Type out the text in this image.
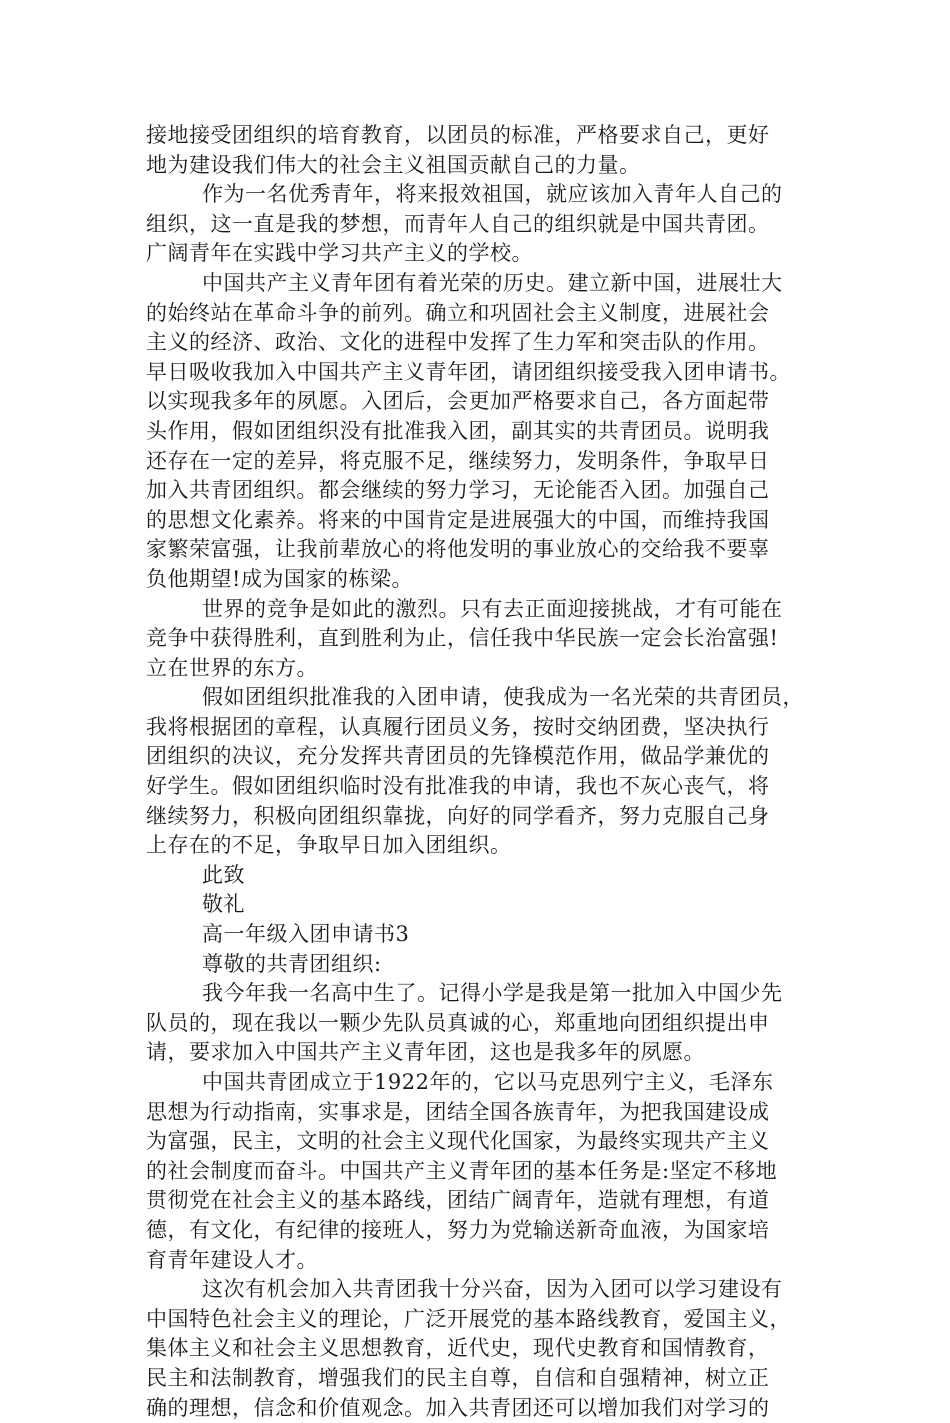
接地接受团组织的培育教育，以团员的标准，严格要求自己，更好
地为建设我们伟大的社会主义祖国贡献自己的力量。
作为一名优秀青年，将来报效祖国，就应该加入青年人自己的
组织，这一直是我的梦想，而青年人自己的组织就是中国共青团。
广阔青年在实践中学习共产主义的学校。
中国共产主义青年团有着光荣的历史。建立新中国，进展壮大
的始终站在革命斗争的前列。确立和巩固社会主义制度，进展社会
主义的经济、政治、文化的进程中发挥了生力军和突击队的作用。
早日吸收我加入中国共产主义青年团，请团组织接受我入团申请书。
以实现我多年的夙愿。入团后，会更加严格要求自己，各方面起带
头作用，假如团组织没有批准我入团，副其实的共青团员。说明我
还存在一定的差异，将克服不足，继续努力，发明条件，争取早日
加入共青团组织。都会继续的努力学习，无论能否入团。加强自己
的思想文化素养。将来的中国肯定是进展强大的中国，而维持我国
家繁荣富强，让我前辈放心的将他发明的事业放心的交给我不要辜
负他期望!成为国家的栋梁。
世界的竞争是如此的激烈。只有去正面迎接挑战，才有可能在
竞争中获得胜利，直到胜利为止，信任我中华民族一定会长治富强!
立在世界的东方。
假如团组织批准我的入团申请，使我成为一名光荣的共青团员，
我将根据团的章程，认真履行团员义务，按时交纳团费，坚决执行
团组织的决议，充分发挥共青团员的先锋模范作用，做品学兼优的
好学生。假如团组织临时没有批准我的申请，我也不灰心丧气，将
继续努力，积极向团组织靠拢，向好的同学看齐，努力克服自己身
上存在的不足，争取早日加入团组织。
此致
敬礼
高一年级入团申请书3
尊敬的共青团组织:
我今年我一名高中生了。记得小学是我是第一批加入中国少先
队员的，现在我以一颗少先队员真诚的心，郑重地向团组织提出申
请，要求加入中国共产主义青年团，这也是我多年的夙愿。
中国共青团成立于1922年的，它以马克思列宁主义，毛泽东
思想为行动指南，实事求是，团结全国各族青年，为把我国建设成
为富强，民主，文明的社会主义现代化国家，为最终实现共产主义
的社会制度而奋斗。中国共产主义青年团的基本任务是:坚定不移地
贯彻党在社会主义的基本路线，团结广阔青年，造就有理想，有道
德，有文化，有纪律的接班人，努力为党输送新奇血液，为国家培
育青年建设人才。
这次有机会加入共青团我十分兴奋，因为入团可以学习建设有
中国特色社会主义的理论，广泛开展党的基本路线教育，爱国主义，
集体主义和社会主义思想教育，近代史，现代史教育和国情教育，
民主和法制教育，增强我们的民主自尊，自信和自强精神，树立正
确的理想，信念和价值观念。加入共青团还可以增加我们对学习的
